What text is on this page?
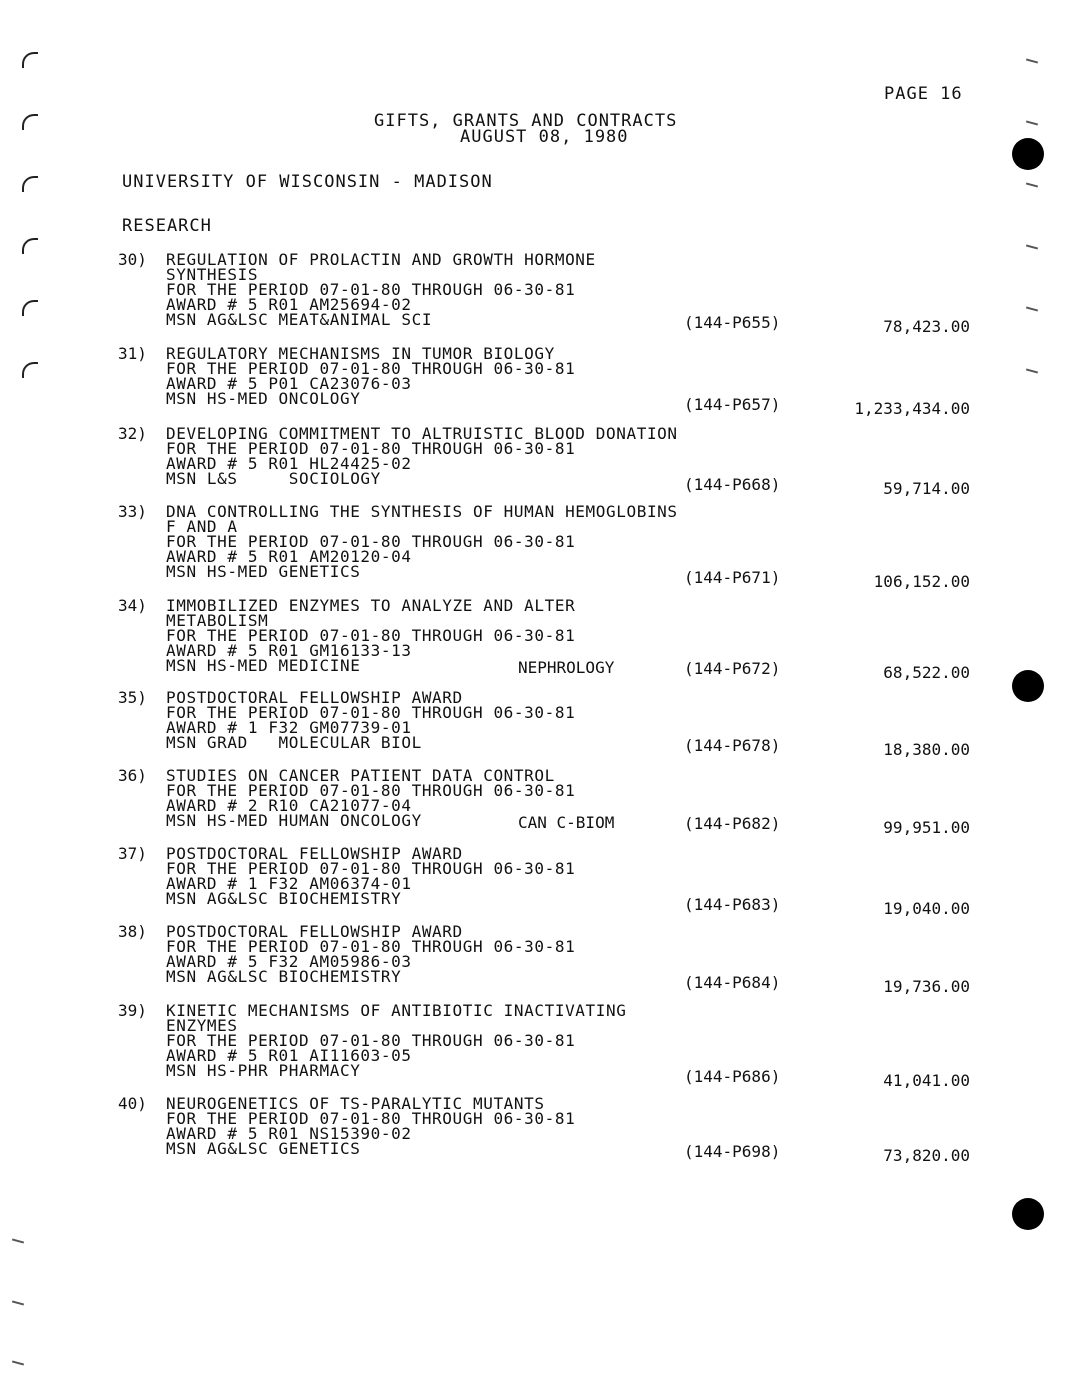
PAGE 16
GIFTS, GRANTS AND CONTRACTS
AUGUST 08, 1980
UNIVERSITY OF WISCONSIN - MADISON
RESEARCH
30) REGULATION OF PROLACTIN AND GROWTH HORMONE
SYNTHESIS
FOR THE PERIOD 07-01-80 THROUGH 06-30-81
AWARD # 5 R01 AM25694-02
MSN AG&LSC MEAT&ANIMAL SCI	(144-P655)	78,423.00
31) REGULATORY MECHANISMS IN TUMOR BIOLOGY
FOR THE PERIOD 07-01-80 THROUGH 06-30-81
AWARD # 5 P01 CA23076-03
MSN HS-MED ONCOLOGY	(144-P657)	1,233,434.00
32) DEVELOPING COMMITMENT TO ALTRUISTIC BLOOD DONATION
FOR THE PERIOD 07-01-80 THROUGH 06-30-81
AWARD # 5 R01 HL24425-02
MSN L&S     SOCIOLOGY	(144-P668)	59,714.00
33) DNA CONTROLLING THE SYNTHESIS OF HUMAN HEMOGLOBINS
F AND A
FOR THE PERIOD 07-01-80 THROUGH 06-30-81
AWARD # 5 R01 AM20120-04
MSN HS-MED GENETICS	(144-P671)	106,152.00
34) IMMOBILIZED ENZYMES TO ANALYZE AND ALTER
METABOLISM
FOR THE PERIOD 07-01-80 THROUGH 06-30-81
AWARD # 5 R01 GM16133-13
MSN HS-MED MEDICINE	NEPHROLOGY	(144-P672)	68,522.00
35) POSTDOCTORAL FELLOWSHIP AWARD
FOR THE PERIOD 07-01-80 THROUGH 06-30-81
AWARD # 1 F32 GM07739-01
MSN GRAD   MOLECULAR BIOL	(144-P678)	18,380.00
36) STUDIES ON CANCER PATIENT DATA CONTROL
FOR THE PERIOD 07-01-80 THROUGH 06-30-81
AWARD # 2 R10 CA21077-04
MSN HS-MED HUMAN ONCOLOGY	CAN C-BIOM	(144-P682)	99,951.00
37) POSTDOCTORAL FELLOWSHIP AWARD
FOR THE PERIOD 07-01-80 THROUGH 06-30-81
AWARD # 1 F32 AM06374-01
MSN AG&LSC BIOCHEMISTRY	(144-P683)	19,040.00
38) POSTDOCTORAL FELLOWSHIP AWARD
FOR THE PERIOD 07-01-80 THROUGH 06-30-81
AWARD # 5 F32 AM05986-03
MSN AG&LSC BIOCHEMISTRY	(144-P684)	19,736.00
39) KINETIC MECHANISMS OF ANTIBIOTIC INACTIVATING
ENZYMES
FOR THE PERIOD 07-01-80 THROUGH 06-30-81
AWARD # 5 R01 AI11603-05
MSN HS-PHR PHARMACY	(144-P686)	41,041.00
40) NEUROGENETICS OF TS-PARALYTIC MUTANTS
FOR THE PERIOD 07-01-80 THROUGH 06-30-81
AWARD # 5 R01 NS15390-02
MSN AG&LSC GENETICS	(144-P698)	73,820.00
